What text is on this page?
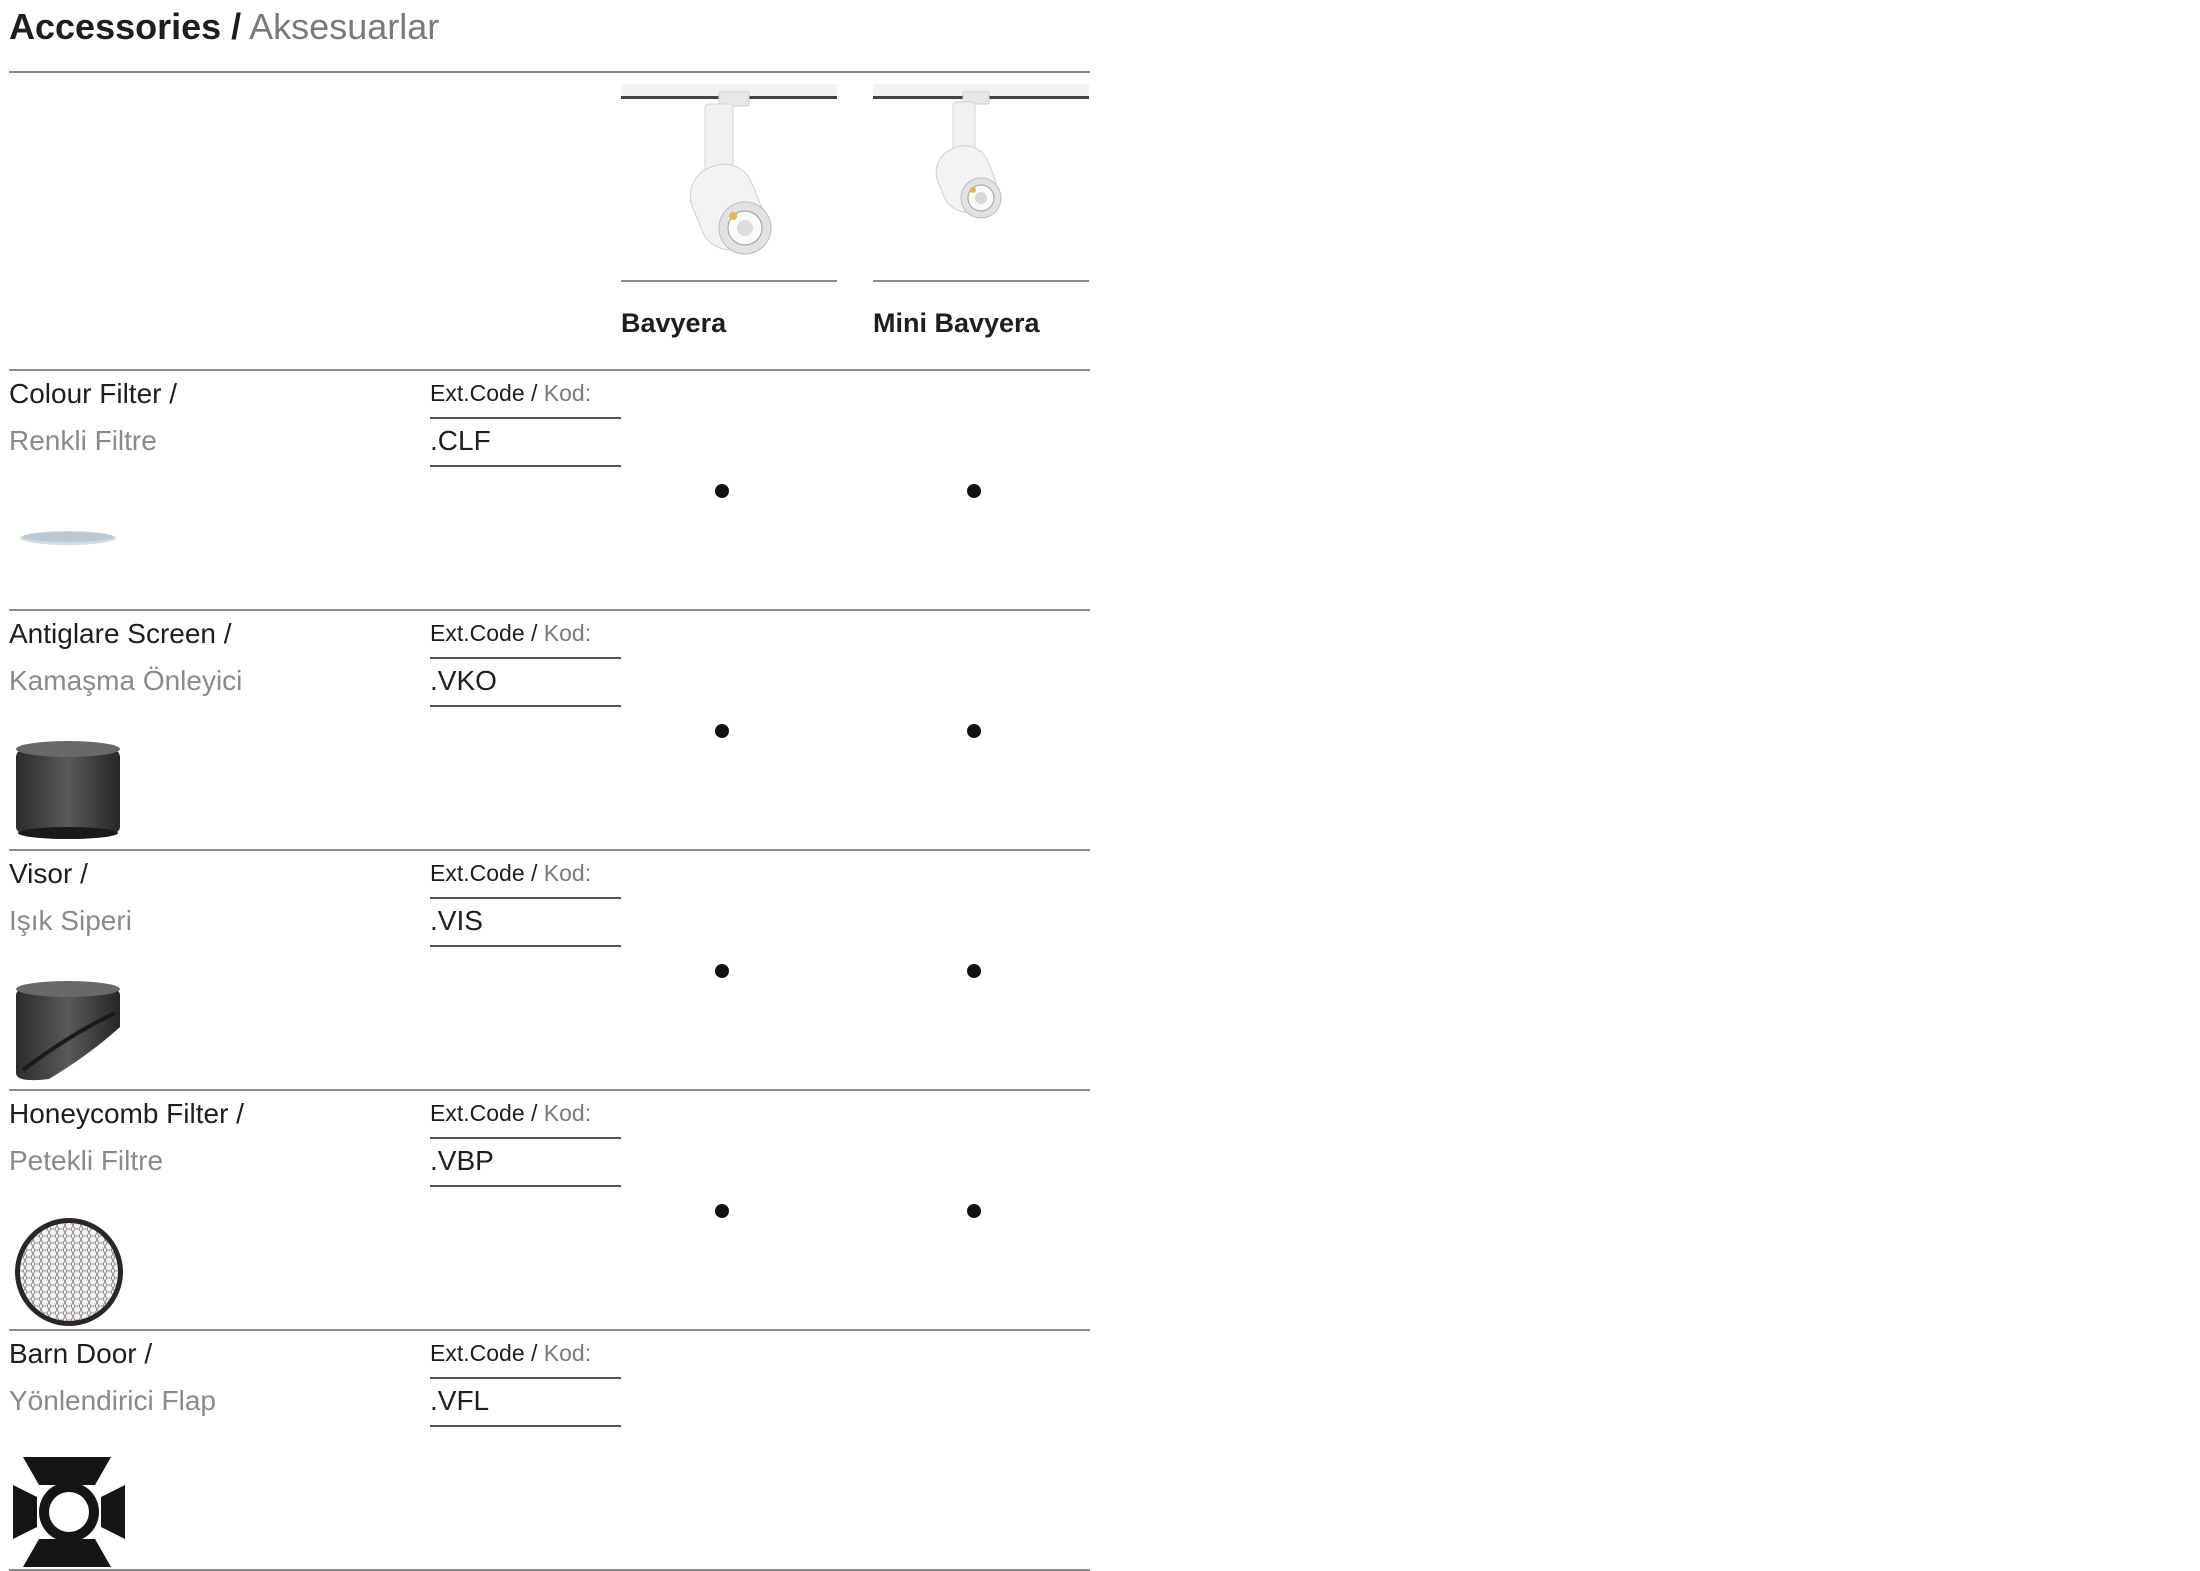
Accessories / Aksesuarlar
Bavyera	Mini Bavyera
Colour Filter /
Renkli Filtre
Ext.Code / Kod:
.CLF
Antiglare Screen /
Kamaşma Önleyici
Ext.Code / Kod:
.VKO
Visor /
Işık Siperi
Ext.Code / Kod:
.VIS
Honeycomb Filter /
Petekli Filtre
Ext.Code / Kod:
.VBP
Barn Door /
Yönlendirici Flap
Ext.Code / Kod:
.VFL
